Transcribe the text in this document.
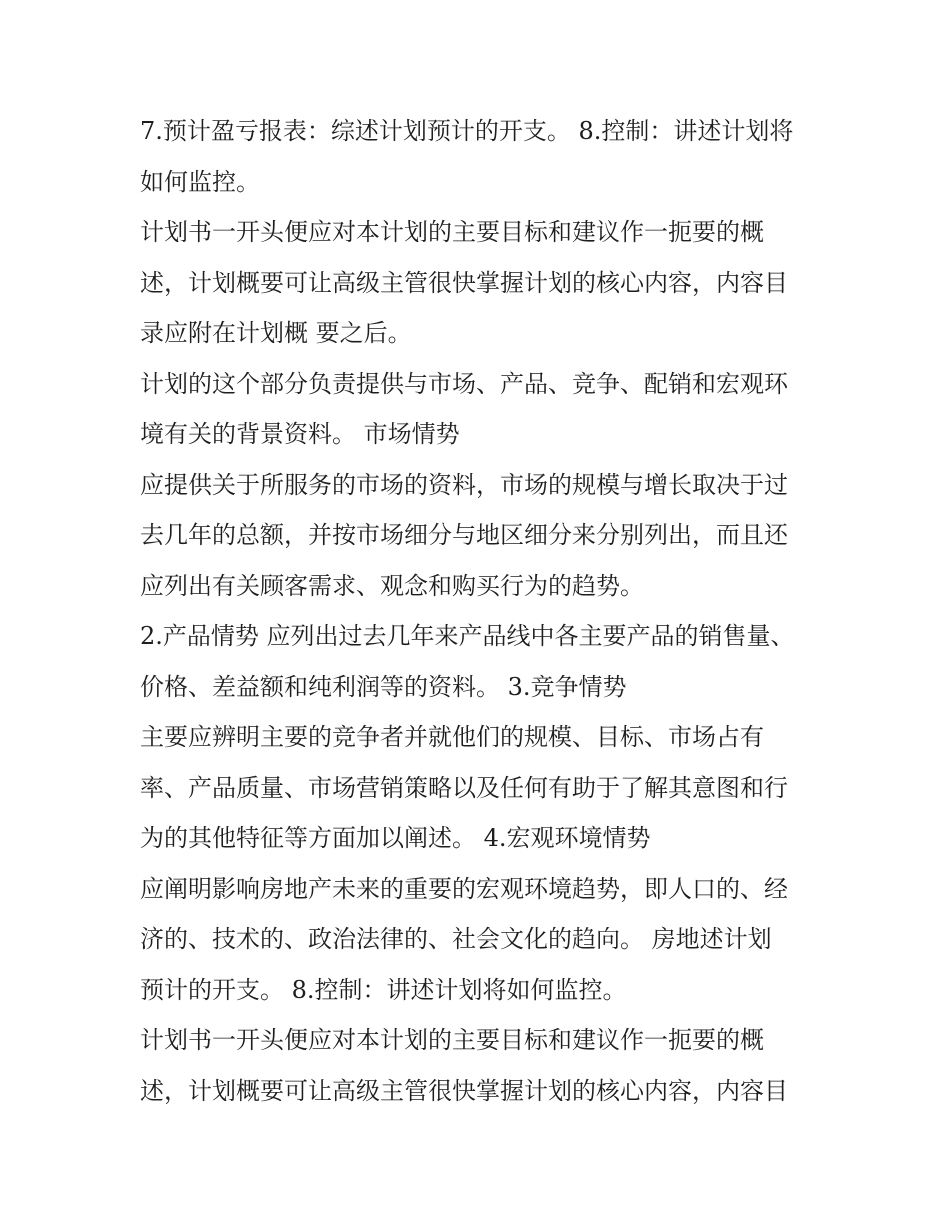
7.预计盈亏报表：综述计划预计的开支。 8.控制：讲述计划将
如何监控。
计划书一开头便应对本计划的主要目标和建议作一扼要的概
述，计划概要可让高级主管很快掌握计划的核心内容，内容目
录应附在计划概 要之后。
计划的这个部分负责提供与市场、产品、竞争、配销和宏观环
境有关的背景资料。 市场情势
应提供关于所服务的市场的资料，市场的规模与增长取决于过
去几年的总额，并按市场细分与地区细分来分别列出，而且还
应列出有关顾客需求、观念和购买行为的趋势。
2.产品情势 应列出过去几年来产品线中各主要产品的销售量、
价格、差益额和纯利润等的资料。 3.竞争情势
主要应辨明主要的竞争者并就他们的规模、目标、市场占有
率、产品质量、市场营销策略以及任何有助于了解其意图和行
为的其他特征等方面加以阐述。 4.宏观环境情势
应阐明影响房地产未来的重要的宏观环境趋势，即人口的、经
济的、技术的、政治法律的、社会文化的趋向。 房地述计划
预计的开支。 8.控制：讲述计划将如何监控。
计划书一开头便应对本计划的主要目标和建议作一扼要的概
述，计划概要可让高级主管很快掌握计划的核心内容，内容目
